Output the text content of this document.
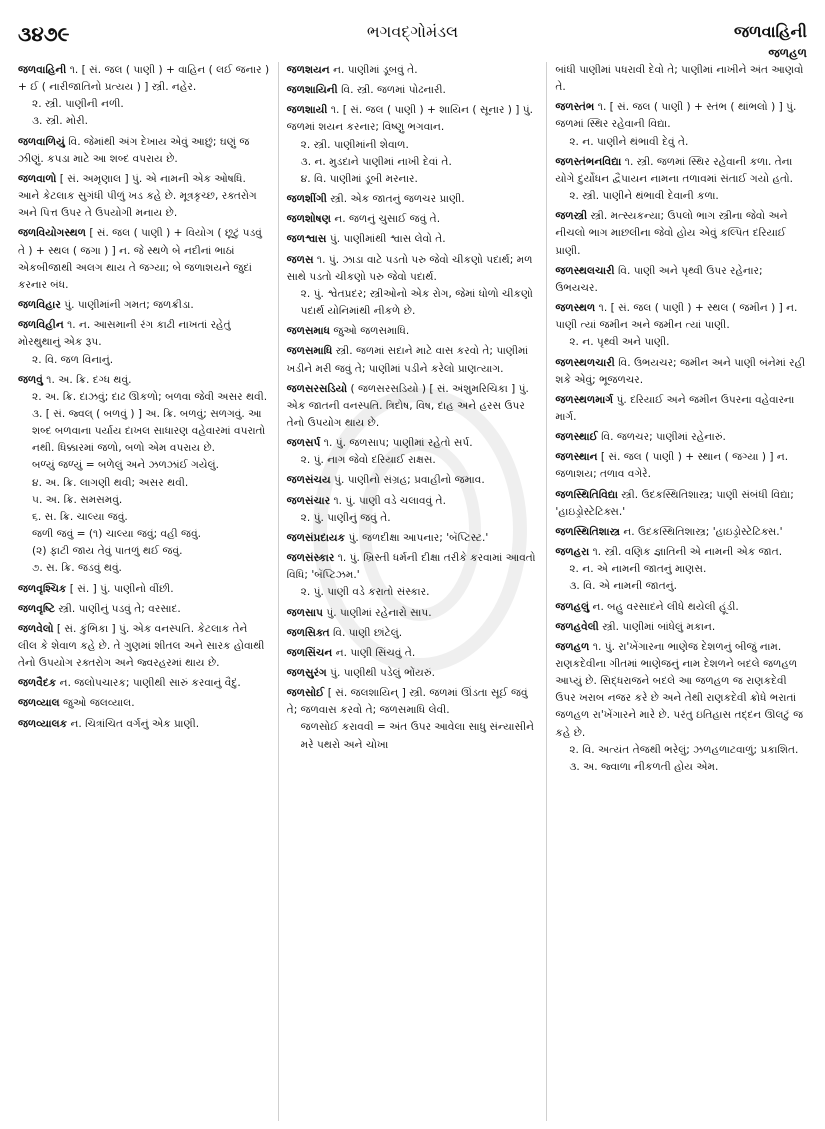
૩૪૭૯	ભગવદ્ગોમંડલ	જળવાહિની
જળહળ
જળવાહિની ૧. [ સં. જલ ( પાણી ) + વાહિન ( લઈ જનાર ) + ઈ ( નારીજાતિનો પ્રત્યય ) ] સ્ત્રી. નહેર.
૨. સ્ત્રી. પાણીની નળી.
૩. સ્ત્રી. મોરી.
જળવાળિયું વિ. જેમાંથી અંગ દેખાય એવું આછું; ઘણું જ ઝીણું. કપડા માટે આ શબ્દ વપરાય છે.
જળવાળો [ સં. અમૃણાલ ] પું. એ નામની એક ઓષધિ. આને કેટલાક સુગંધી પીળું ખડ કહે છે. મૂત્રકૃચ્છ, રક્તરોગ અને પિત્ત ઉપર તે ઉપયોગી મનાય છે.
જળવિયોગસ્થળ [ સં. જલ ( પાણી ) + વિયોગ ( છૂટું પડવું તે ) + સ્થલ ( જગા ) ] ન. જે સ્થળે બે નદીનાં ભાઠાં એકબીજાથી અલગ થાય તે જગ્યા; બે જળાશયને જુદાં કરનાર બંધ.
જળવિહાર પું. પાણીમાંની ગમત; જળક્રીડા.
જળવિહીન ૧. ન. આસમાની રંગ કાઢી નાખતાં રહેતું મોરથુથાનું એક રૂપ.
૨. વિ. જળ વિનાનું.
જળવું ૧. અ. ક્રિ. દગ્ધ થવું.
૨. અ. ક્રિ. દાઝવું; દાઢ ઊકળો; બળવા જેવી અસર થવી.
૩. [ સં. જ્વલ્ ( બળવું ) ] અ. ક્રિ. બળવું; સળગવું. આ શબ્દ બળવાના પર્યાય દાખલ સાધારણ વહેવારમાં વપરાતો નથી. ધિક્કારમાં જળો, બળો એમ વપરાય છે.
બળ્યું જળ્યું = બળેલું અને ઝળઝાંઈ ગયેલું.
૪. અ. ક્રિ. લાગણી થવી; અસર થવી.
૫. અ. ક્રિ. સમસમવું.
૬. સ. ક્રિ. ચાલ્યા જવું.
જળી જવું = (૧) ચાલ્યા જવું; વહી જવું.
(૨) ફાટી જાય તેવું પાતળું થઈ જવું.
૭. સ. ક્રિ. જડવું થવું.
જળવૃશ્ચિક [ સં. ] પું. પાણીનો વીંછી.
જળવૃષ્ટિ સ્ત્રી. પાણીનું પડવું તે; વરસાદ.
જળવેલો [ સં. કુંભિકા ] પું. એક વનસ્પતિ. કેટલાક તેને લીલ કે શેવાળ કહે છે. તે ગુણમાં શીતલ અને સારક હોવાથી તેનો ઉપયોગ રક્તરોગ અને જ્વરહરમાં થાય છે.
જળવૈદક ન. જલોપચારક; પાણીથી સારું કરવાનું વૈદું.
જળવ્યાલ જુઓ જલવ્યાલ.
જળવ્યાલક ન. ચિત્રાંચિત વર્ગનું એક પ્રાણી.
જળશયન ન. પાણીમાં ડૂબવું તે.
જળશાયિની વિ. સ્ત્રી. જળમાં પોઢનારી.
જળશાયી ૧. [ સં. જલ ( પાણી ) + શાયિન ( સૂનાર ) ] પું. જળમાં શયન કરનાર; વિષ્ણુ ભગવાન.
૨. સ્ત્રી. પાણીમાંની શેવાળ.
૩. ન. મુડદાને પાણીમાં નાખી દેવાં તે.
૪. વિ. પાણીમાં ડૂબી મરનાર.
જળશીંગી સ્ત્રી. એક જાતનું જળચર પ્રાણી.
જળશોષણ ન. જળનું ચુસાઈ જવું તે.
જળશ્વાસ પું. પાણીમાંથી શ્વાસ લેવો તે.
જળસ ૧. પું. ઝાડા વાટે પડતો પરુ જેવો ચીકણો પદાર્થ; મળ સાથે પડતો ચીકણો પરુ જેવો પદાર્થ.
૨. પું. શ્વેતપ્રદર; સ્ત્રીઓનો એક રોગ, જેમાં ધોળો ચીકણો પદાર્થ યોનિમાંથી નીકળે છે.
જળસમાધ જુઓ જળસમાધિ.
જળસમાધિ સ્ત્રી. જળમાં સદાને માટે વાસ કરવો તે; પાણીમાં ખડીને મરી જવું તે; પાણીમાં પડીને કરેલો પ્રાણત્યાગ.
જળસરસડિયો ( જળસરસડિયો ) [ સં. અંશુમરિચિકા ] પું. એક જાતની વનસ્પતિ. ત્રિદોષ, વિષ, દાહ અને હરસ ઉપર તેનો ઉપયોગ થાય છે.
જળસર્પ ૧. પું. જળસાપ; પાણીમાં રહેતો સર્પ.
૨. પું. નાગ જેવો દરિયાઈ રાક્ષસ.
જળસંચય પું. પાણીનો સંગ્રહ; પ્રવાહીનો જમાવ.
જળસંચાર ૧. પું. પાણી વડે ચલાવવું તે.
૨. પું. પાણીનું જવું તે.
જળસંપ્રદાયક પું. જળદીક્ષા આપનાર; 'બૅપ્ટિસ્ટ.'
જળસંસ્કાર ૧. પું. ખ્રિસ્તી ધર્મની દીક્ષા તરીકે કરવામાં આવતો વિધિ; 'બૅપ્ટિઝમ.'
૨. પું. પાણી વડે કરાતો સંસ્કાર.
જળસાપ પું. પાણીમાં રહેનારો સાપ.
જળસિક્ત વિ. પાણી છાંટેલું.
જળસિંચન ન. પાણી સિંચવું તે.
જળસુરંગ પું. પાણીથી પડેલું ભોંયરું.
જળસોઈ [ સં. જલશાયિન્ ] સ્ત્રી. જળમાં ઊંડતા સૂઈ જવું તે; જળવાસ કરવો તે; જળસમાધિ લેવી.
જળસોઈ કરાવવી = અંત ઉપર આવેલા સાધુ સંન્યાસીને મરે પથરો અને ચોખા
બાંધી પાણીમાં પધરાવી દેવો તે; પાણીમાં નાખીને અંત આણવો તે.
જળસ્તંભ ૧. [ સં. જલ ( પાણી ) + સ્તંભ ( થાંભલો ) ] પું. જળમાં સ્થિર રહેવાની વિદ્યા.
૨. ન. પાણીને થંભાવી દેવું તે.
જળસ્તંભનવિદ્યા ૧. સ્ત્રી. જળમાં સ્થિર રહેવાની કળા. તેના યોગે દુર્યોધન દ્વૈપાયન નામના તળાવમાં સંતાઈ ગયો હતો.
૨. સ્ત્રી. પાણીને થંભાવી દેવાની કળા.
જળસ્ત્રી સ્ત્રી. મત્સ્યકન્યા; ઉપલો ભાગ સ્ત્રીના જેવો અને નીચલો ભાગ માછલીના જેવો હોય એવું કલ્પિત દરિયાઈ પ્રાણી.
જળસ્થલચારી વિ. પાણી અને પૃથ્વી ઉપર રહેનાર; ઉભયચર.
જળસ્થળ ૧. [ સં. જલ ( પાણી ) + સ્થલ ( જમીન ) ] ન. પાણી ત્યાં જમીન અને જમીન ત્યાં પાણી.
૨. ન. પૃથ્વી અને પાણી.
જળસ્થળચારી વિ. ઉભયચર; જમીન અને પાણી બંનેમાં રહી શકે એવું; ભૂજળચર.
જળસ્થળમાર્ગ પું. દરિયાઈ અને જમીન ઉપરના વહેવારના માર્ગ.
જળસ્થાઈ વિ. જળચર; પાણીમાં રહેનારું.
જળસ્થાન [ સં. જલ ( પાણી ) + સ્થાન ( જગ્યા ) ] ન. જળાશય; તળાવ વગેરે.
જળસ્થિતિવિદ્યા સ્ત્રી. ઉદકસ્થિતિશાસ્ત્ર; પાણી સંબંધી વિદ્યા; 'હાઇડ્રોસ્ટેટિક્સ.'
જળસ્થિતિશાસ્ત્ર ન. ઉદકસ્થિતિશાસ્ત્ર; 'હાઇડ્રોસ્ટેટિક્સ.'
જળહરા ૧. સ્ત્રી. વણિક જ્ઞાતિની એ નામની એક જાત.
૨. ન. એ નામની જાતનું માણસ.
૩. વિ. એ નામની જાતનું.
જળહલું ન. બહુ વરસાદને લીધે થયેલી હૂંડી.
જળહવેલી સ્ત્રી. પાણીમાં બાંધેલું મકાન.
જળહળ ૧. પું. રા'ખેંગારના ભાણેજ દેશળનું બીજું નામ. રાણકદેવીના ગીતમાં ભાણેજનું નામ દેશળને બદલે જળહળ આપ્યું છે. સિદ્ધરાજને બદલે આ જળહળ જ રાણકદેવી ઉપર ખરાબ નજર કરે છે અને તેથી રાણકદેવી ક્રોધે ભરાતાં જળહળ રા'ખેંગારને મારે છે. પરંતુ ઇતિહાસ તદ્દન ઊલટું જ કહે છે.
૨. વિ. અત્યંત તેજથી ભરેલું; ઝળહળાટવાળું; પ્રકાશિત.
૩. અ. જ્વાળા નીકળતી હોય એમ.
